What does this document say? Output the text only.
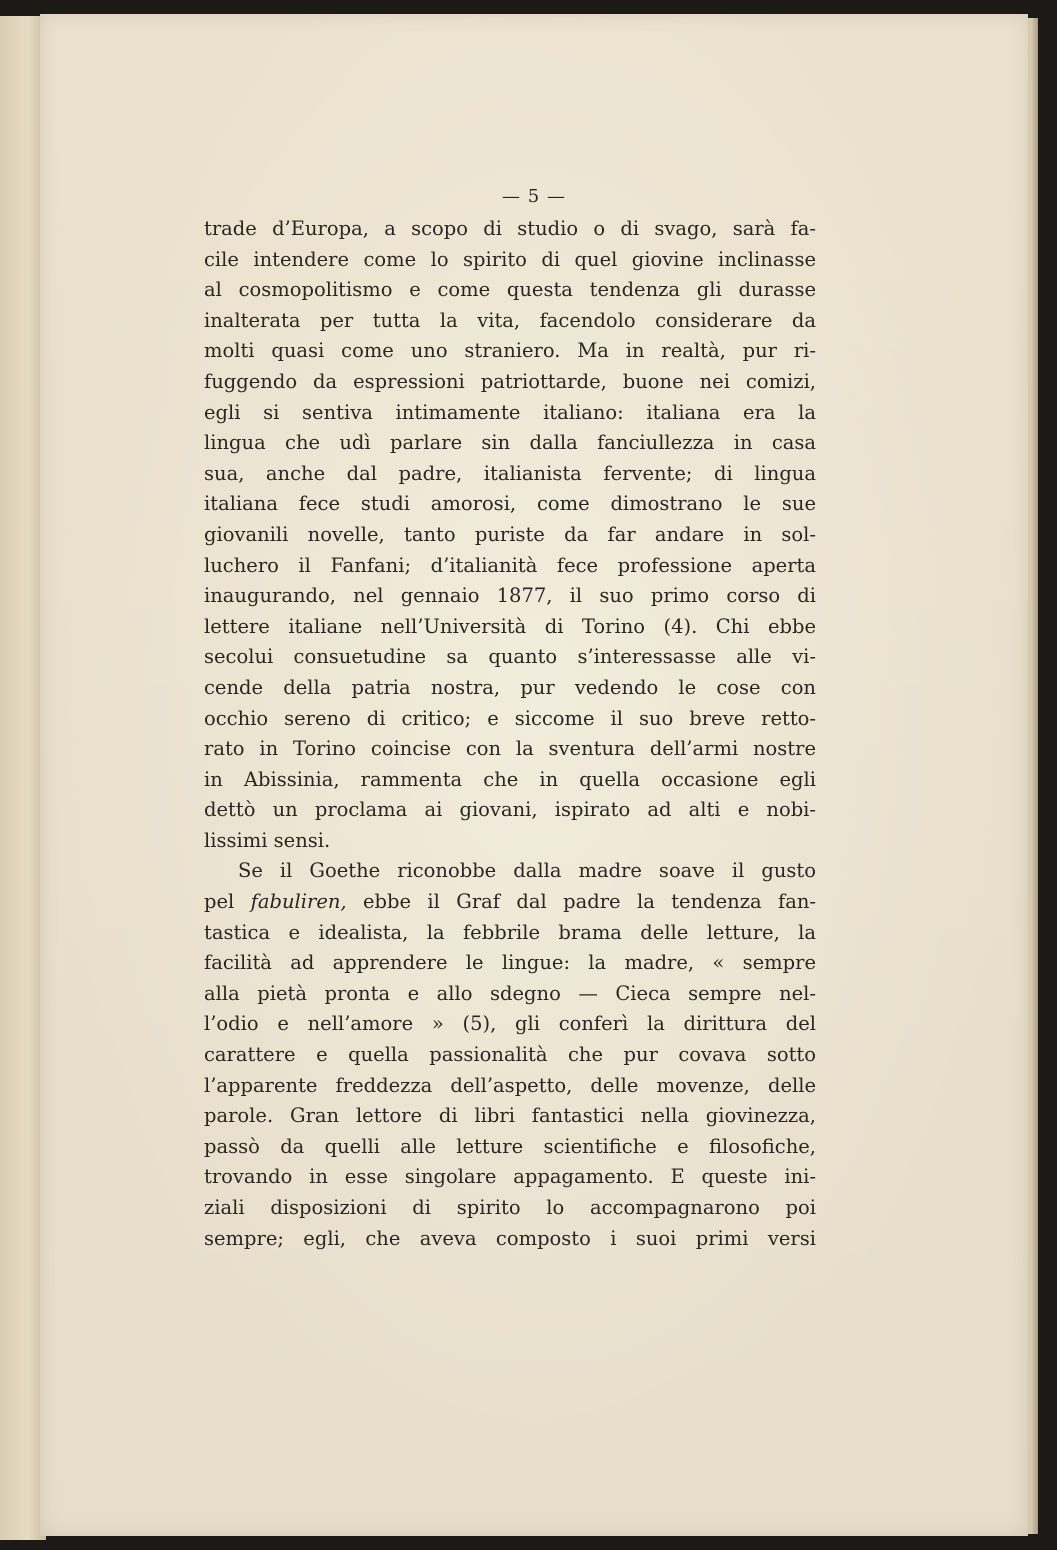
— 5 —
trade d’Europa, a scopo di studio o di svago, sarà fa-
cile intendere come lo spirito di quel giovine inclinasse
al cosmopolitismo e come questa tendenza gli durasse
inalterata per tutta la vita, facendolo considerare da
molti quasi come uno straniero. Ma in realtà, pur ri-
fuggendo da espressioni patriottarde, buone nei comizi,
egli si sentiva intimamente italiano: italiana era la
lingua che udì parlare sin dalla fanciullezza in casa
sua, anche dal padre, italianista fervente; di lingua
italiana fece studi amorosi, come dimostrano le sue
giovanili novelle, tanto puriste da far andare in sol-
luchero il Fanfani; d’italianità fece professione aperta
inaugurando, nel gennaio 1877, il suo primo corso di
lettere italiane nell’Università di Torino (4). Chi ebbe
secolui consuetudine sa quanto s’interessasse alle vi-
cende della patria nostra, pur vedendo le cose con
occhio sereno di critico; e siccome il suo breve retto-
rato in Torino coincise con la sventura dell’armi nostre
in Abissinia, rammenta che in quella occasione egli
dettò un proclama ai giovani, ispirato ad alti e nobi-
lissimi sensi.
Se il Goethe riconobbe dalla madre soave il gusto
pel fabuliren, ebbe il Graf dal padre la tendenza fan-
tastica e idealista, la febbrile brama delle letture, la
facilità ad apprendere le lingue: la madre, « sempre
alla pietà pronta e allo sdegno — Cieca sempre nel-
l’odio e nell’amore » (5), gli conferì la dirittura del
carattere e quella passionalità che pur covava sotto
l’apparente freddezza dell’aspetto, delle movenze, delle
parole. Gran lettore di libri fantastici nella giovinezza,
passò da quelli alle letture scientifiche e filosofiche,
trovando in esse singolare appagamento. E queste ini-
ziali disposizioni di spirito lo accompagnarono poi
sempre; egli, che aveva composto i suoi primi versi
